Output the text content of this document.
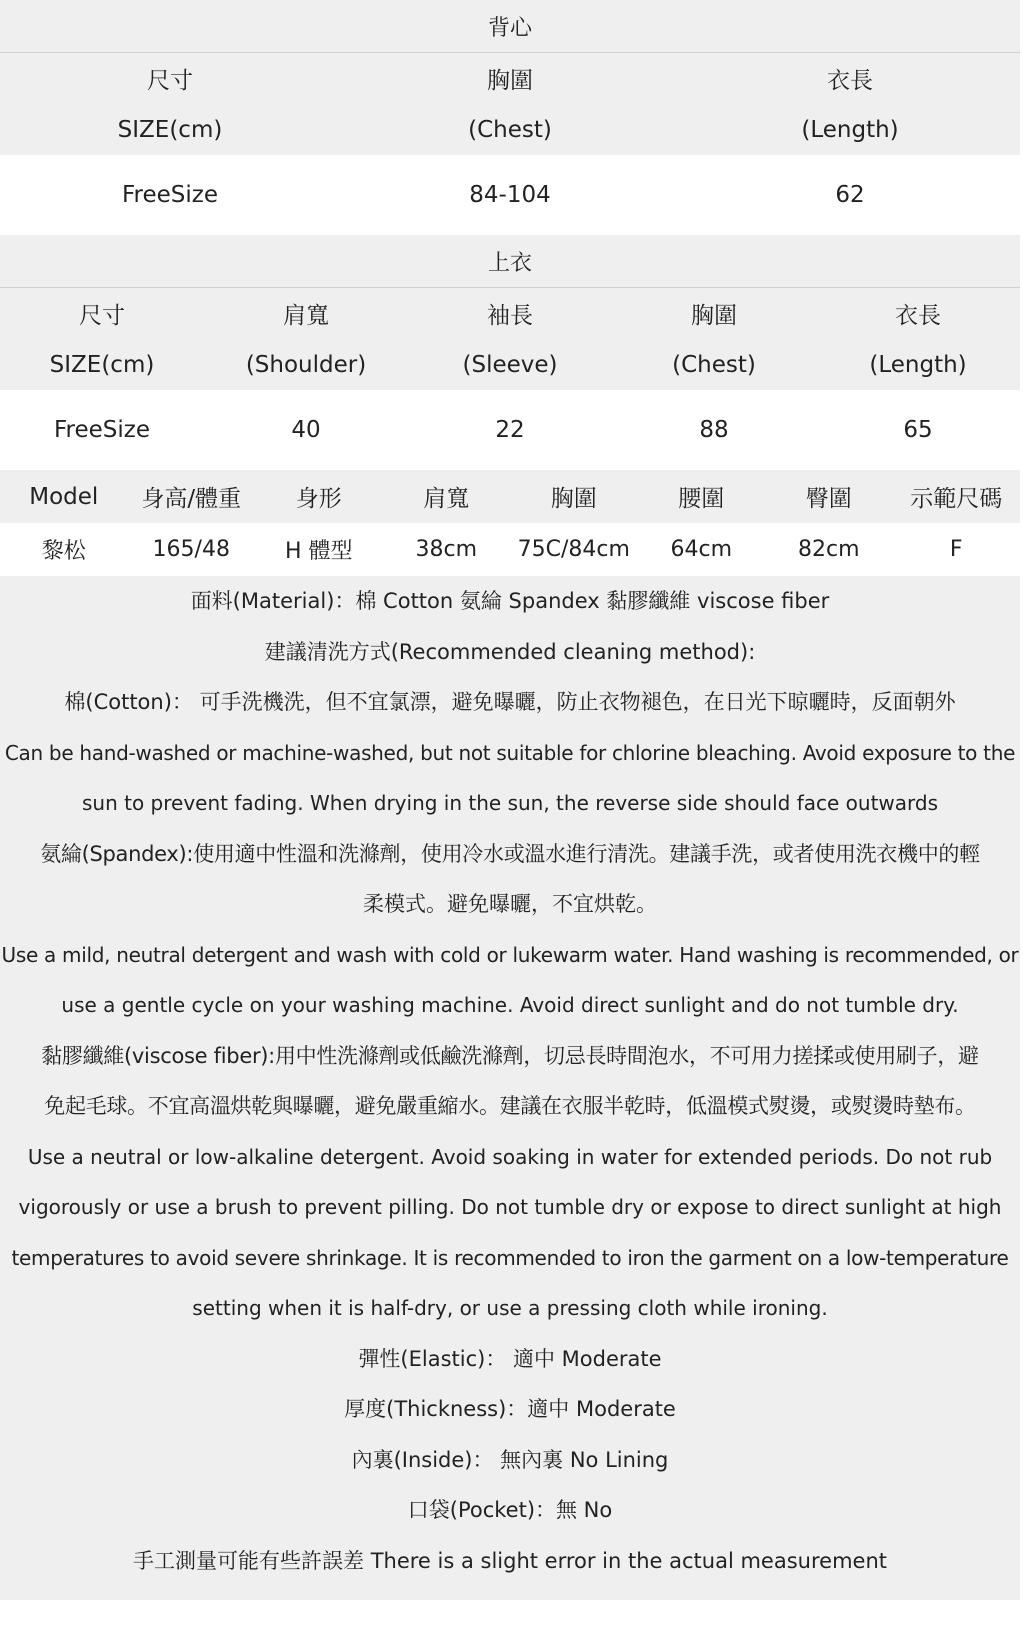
背心
尺寸	胸圍	衣長
SIZE(cm)	(Chest)	(Length)
FreeSize	84-104	62
上衣
尺寸	肩寬	袖長	胸圍	衣長
SIZE(cm)	(Shoulder)	(Sleeve)	(Chest)	(Length)
FreeSize	40	22	88	65
Model	身高/體重	身形	肩寬	胸圍	腰圍	臀圍	示範尺碼
黎松	165/48	H 體型	38cm	75C/84cm	64cm	82cm	F
面料(Material)：棉 Cotton 氨綸 Spandex 黏膠纖維 viscose fiber
建議清洗方式(Recommended cleaning method):
棉(Cotton)： 可手洗機洗，但不宜氯漂，避免曝曬，防止衣物褪色，在日光下晾曬時，反面朝外
Can be hand-washed or machine-washed, but not suitable for chlorine bleaching. Avoid exposure to the
sun to prevent fading. When drying in the sun, the reverse side should face outwards
氨綸(Spandex):使用適中性溫和洗滌劑，使用冷水或溫水進行清洗。建議手洗，或者使用洗衣機中的輕
柔模式。避免曝曬，不宜烘乾。
Use a mild, neutral detergent and wash with cold or lukewarm water. Hand washing is recommended, or
use a gentle cycle on your washing machine. Avoid direct sunlight and do not tumble dry.
黏膠纖維(viscose fiber):用中性洗滌劑或低鹼洗滌劑，切忌長時間泡水，不可用力搓揉或使用刷子，避
免起毛球。不宜高溫烘乾與曝曬，避免嚴重縮水。建議在衣服半乾時，低溫模式熨燙，或熨燙時墊布。
Use a neutral or low-alkaline detergent. Avoid soaking in water for extended periods. Do not rub
vigorously or use a brush to prevent pilling. Do not tumble dry or expose to direct sunlight at high
temperatures to avoid severe shrinkage. It is recommended to iron the garment on a low-temperature
setting when it is half-dry, or use a pressing cloth while ironing.
彈性(Elastic)： 適中 Moderate
厚度(Thickness)：適中 Moderate
內裏(Inside)： 無內裏 No Lining
口袋(Pocket)：無 No
手工測量可能有些許誤差 There is a slight error in the actual measurement
